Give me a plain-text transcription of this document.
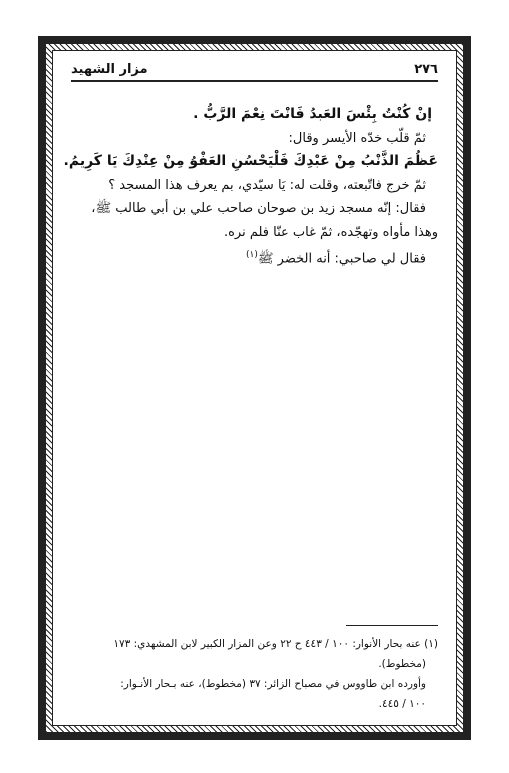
٢٧٦
مزار الشهيد

إنْ كُنْتُ بِئْسَ العَبدُ فَانْتَ نِعْمَ الرَّبُّ .

ثمّ قلّب خدّه الأيسر وقال:

عَظُمَ الذَّنْبُ مِنْ عَبْدِكَ فَلْيَحْسُنِ العَفْوُ مِنْ عِنْدِكَ يَا كَرِيمُ.

ثمّ خرج فاتّبعته، وقلت له: يَا سيّدي، بم يعرف هذا المسجد ؟

فقال: إنّه مسجد زيد بن صوحان صاحب علي بن أبي طالب ﷺ،

وهذا مأواه وتهجّده، ثمّ غاب عنّا فلم نره.

فقال لي صاحبي: أنه الخضر ﷺ$^{(١)}$

(١) عنه بحار الأنوار: ١٠٠ / ٤٤٣ ح ٢٢ وعن المزار الكبير لابن المشهدي: ١٧٣

(مخطوط).

وأورده ابن طاووس في مصباح الزائر: ٣٧ (مخطوط)، عنه بـحار الأنـوار:

١٠٠ / ٤٤٥.
